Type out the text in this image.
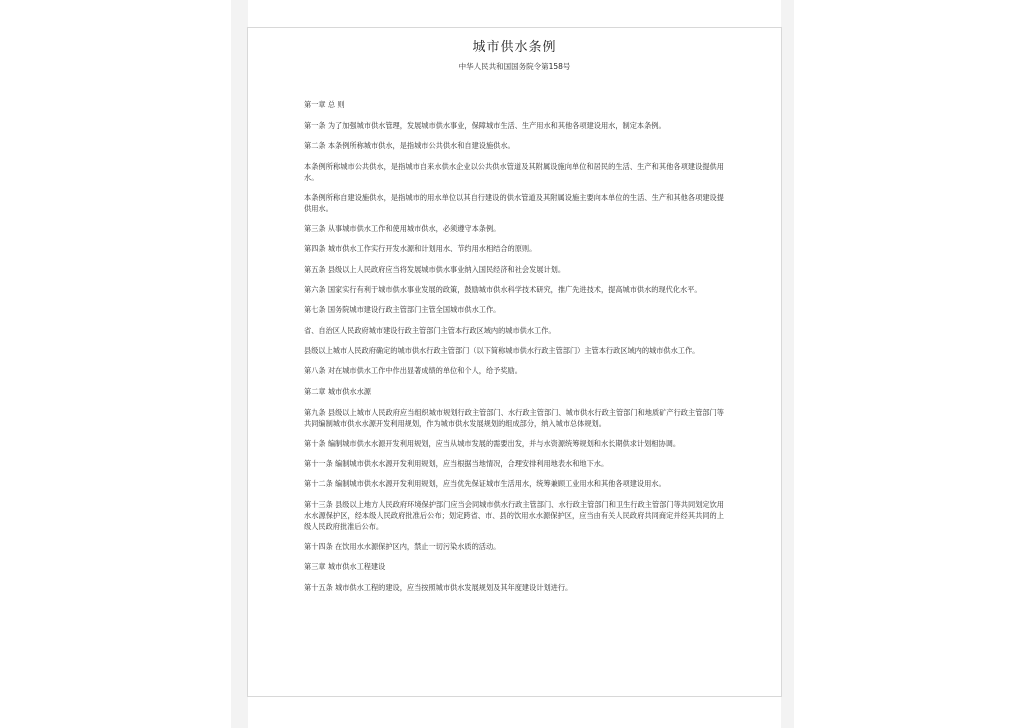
城市供水条例
中华人民共和国国务院令第158号

第一章 总 则

第一条 为了加强城市供水管理，发展城市供水事业，保障城市生活、生产用水和其他各项建设用水，制定本条例。

第二条 本条例所称城市供水，是指城市公共供水和自建设施供水。

本条例所称城市公共供水，是指城市自来水供水企业以公共供水管道及其附属设施向单位和居民的生活、生产和其他各项建设提供用水。

本条例所称自建设施供水，是指城市的用水单位以其自行建设的供水管道及其附属设施主要向本单位的生活、生产和其他各项建设提供用水。

第三条 从事城市供水工作和使用城市供水，必须遵守本条例。

第四条 城市供水工作实行开发水源和计划用水、节约用水相结合的原则。

第五条 县级以上人民政府应当将发展城市供水事业纳入国民经济和社会发展计划。

第六条 国家实行有利于城市供水事业发展的政策，鼓励城市供水科学技术研究，推广先进技术，提高城市供水的现代化水平。

第七条 国务院城市建设行政主管部门主管全国城市供水工作。

省、自治区人民政府城市建设行政主管部门主管本行政区域内的城市供水工作。

县级以上城市人民政府确定的城市供水行政主管部门（以下简称城市供水行政主管部门）主管本行政区域内的城市供水工作。

第八条 对在城市供水工作中作出显著成绩的单位和个人，给予奖励。

第二章 城市供水水源

第九条 县级以上城市人民政府应当组织城市规划行政主管部门、水行政主管部门、城市供水行政主管部门和地质矿产行政主管部门等共同编制城市供水水源开发利用规划，作为城市供水发展规划的组成部分，纳入城市总体规划。

第十条 编制城市供水水源开发利用规划，应当从城市发展的需要出发，并与水资源统筹规划和水长期供求计划相协调。

第十一条 编制城市供水水源开发利用规划，应当根据当地情况，合理安排利用地表水和地下水。

第十二条 编制城市供水水源开发利用规划，应当优先保证城市生活用水，统筹兼顾工业用水和其他各项建设用水。

第十三条 县级以上地方人民政府环境保护部门应当会同城市供水行政主管部门、水行政主管部门和卫生行政主管部门等共同划定饮用水水源保护区，经本级人民政府批准后公布；划定跨省、市、县的饮用水水源保护区，应当由有关人民政府共同商定并经其共同的上级人民政府批准后公布。

第十四条 在饮用水水源保护区内，禁止一切污染水质的活动。

第三章 城市供水工程建设

第十五条 城市供水工程的建设，应当按照城市供水发展规划及其年度建设计划进行。
